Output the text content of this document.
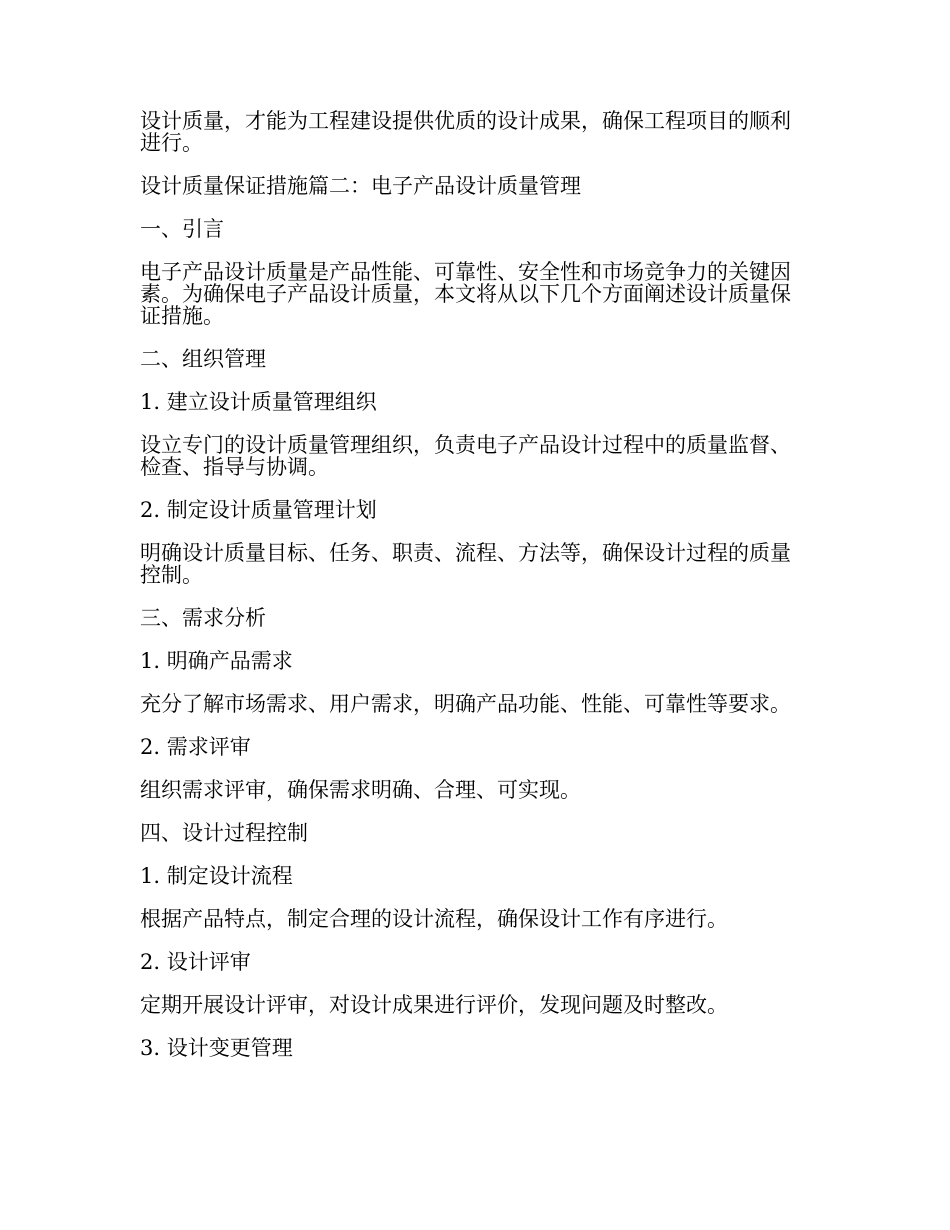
设计质量，才能为工程建设提供优质的设计成果，确保工程项目的顺利进行。

设计质量保证措施篇二：电子产品设计质量管理

一、引言

电子产品设计质量是产品性能、可靠性、安全性和市场竞争力的关键因素。为确保电子产品设计质量，本文将从以下几个方面阐述设计质量保证措施。

二、组织管理

1. 建立设计质量管理组织

设立专门的设计质量管理组织，负责电子产品设计过程中的质量监督、检查、指导与协调。

2. 制定设计质量管理计划

明确设计质量目标、任务、职责、流程、方法等，确保设计过程的质量控制。

三、需求分析

1. 明确产品需求

充分了解市场需求、用户需求，明确产品功能、性能、可靠性等要求。

2. 需求评审

组织需求评审，确保需求明确、合理、可实现。

四、设计过程控制

1. 制定设计流程

根据产品特点，制定合理的设计流程，确保设计工作有序进行。

2. 设计评审

定期开展设计评审，对设计成果进行评价，发现问题及时整改。

3. 设计变更管理
